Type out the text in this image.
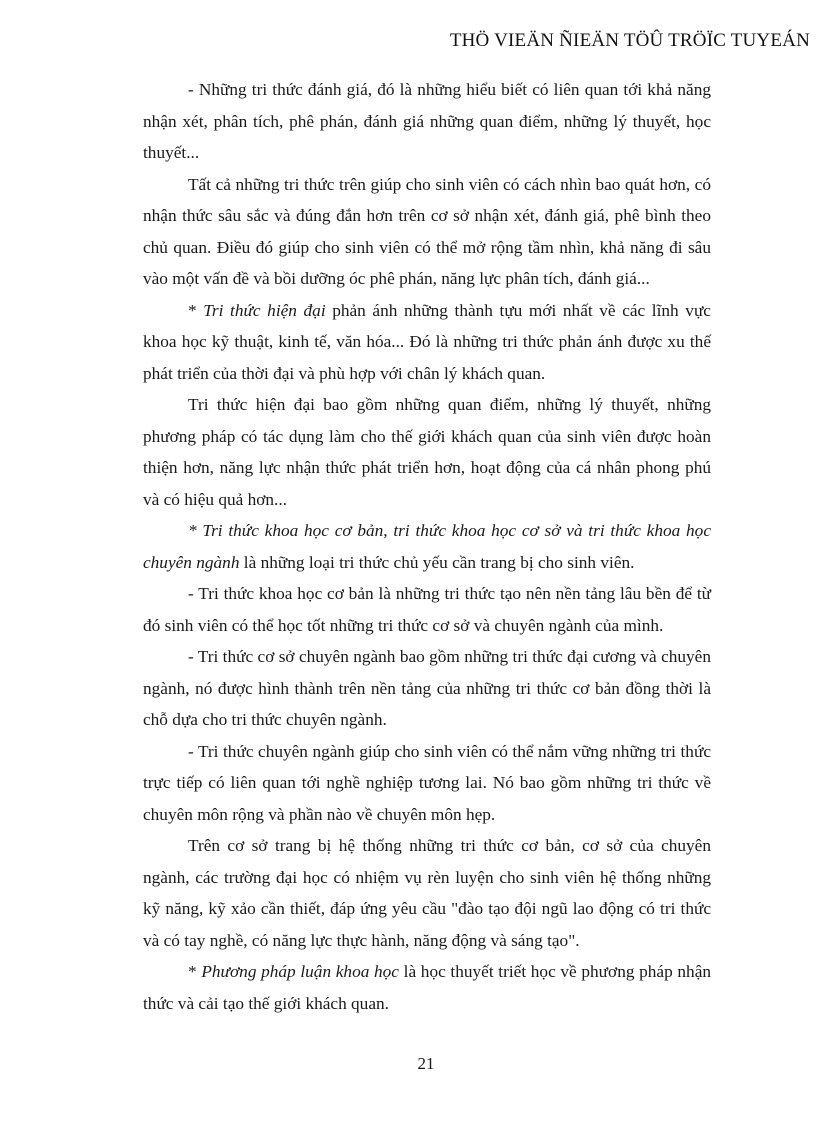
THÖ VIEÄN ÑIEÄN TÖÛ TRÖÏC TUYEÁN

- Những tri thức đánh giá, đó là những hiểu biết có liên quan tới khả năng nhận xét, phân tích, phê phán, đánh giá những quan điểm, những lý thuyết, học thuyết...

Tất cả những tri thức trên giúp cho sinh viên có cách nhìn bao quát hơn, có nhận thức sâu sắc và đúng đắn hơn trên cơ sở nhận xét, đánh giá, phê bình theo chủ quan. Điều đó giúp cho sinh viên có thể mở rộng tầm nhìn, khả năng đi sâu vào một vấn đề và bồi dưỡng óc phê phán, năng lực phân tích, đánh giá...

* Tri thức hiện đại phản ánh những thành tựu mới nhất về các lĩnh vực khoa học kỹ thuật, kinh tế, văn hóa... Đó là những tri thức phản ánh được xu thế phát triển của thời đại và phù hợp với chân lý khách quan.

Tri thức hiện đại bao gồm những quan điểm, những lý thuyết, những phương pháp có tác dụng làm cho thế giới khách quan của sinh viên được hoàn thiện hơn, năng lực nhận thức phát triển hơn, hoạt động của cá nhân phong phú và có hiệu quả hơn...

* Tri thức khoa học cơ bản, tri thức khoa học cơ sở và tri thức khoa học chuyên ngành là những loại tri thức chủ yếu cần trang bị cho sinh viên.

- Tri thức khoa học cơ bản là những tri thức tạo nên nền tảng lâu bền để từ đó sinh viên có thể học tốt những tri thức cơ sở và chuyên ngành của mình.

- Tri thức cơ sở chuyên ngành bao gồm những tri thức đại cương và chuyên ngành, nó được hình thành trên nền tảng của những tri thức cơ bản đồng thời là chỗ dựa cho tri thức chuyên ngành.

- Tri thức chuyên ngành giúp cho sinh viên có thể nắm vững những tri thức trực tiếp có liên quan tới nghề nghiệp tương lai. Nó bao gồm những tri thức về chuyên môn rộng và phần nào về chuyên môn hẹp.

Trên cơ sở trang bị hệ thống những tri thức cơ bản, cơ sở của chuyên ngành, các trường đại học có nhiệm vụ rèn luyện cho sinh viên hệ thống những kỹ năng, kỹ xảo cần thiết, đáp ứng yêu cầu "đào tạo đội ngũ lao động có tri thức và có tay nghề, có năng lực thực hành, năng động và sáng tạo".

* Phương pháp luận khoa học là học thuyết triết học về phương pháp nhận thức và cải tạo thế giới khách quan.

21
